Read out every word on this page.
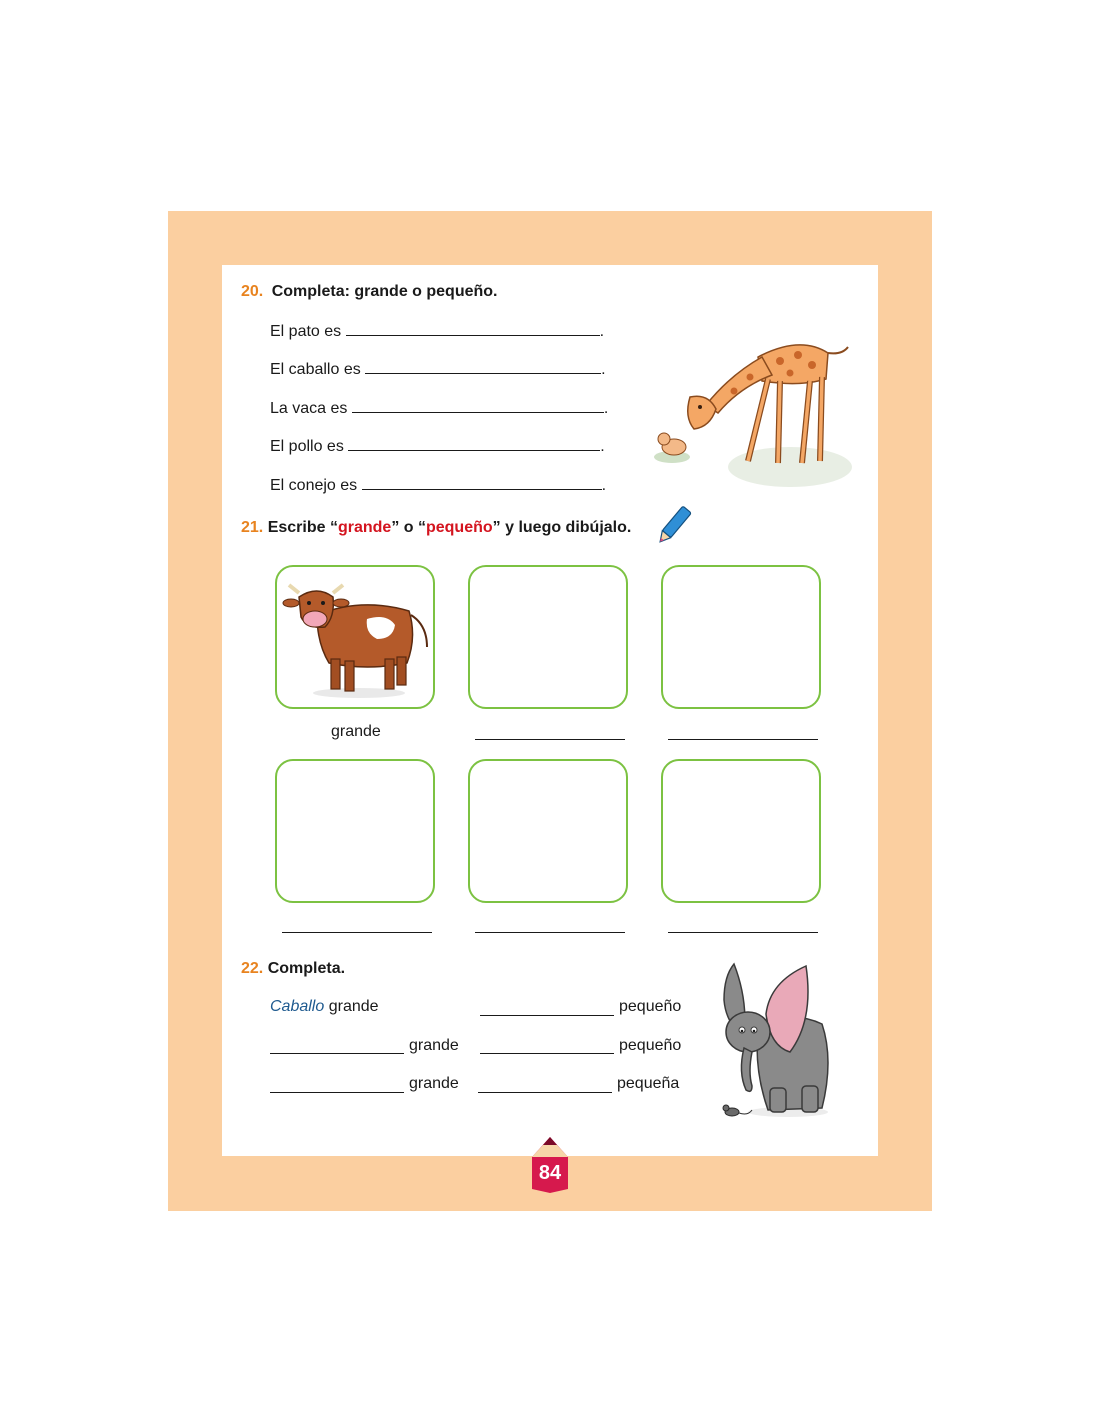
20. Completa: grande o pequeño.
El pato es	.
El caballo es	.
La vaca es	.
El pollo es	.
El conejo es	.
21. Escribe “grande” o “pequeño” y luego dibújalo.
grande
22. Completa.
Caballo grande	pequeño
grande	pequeño
grande	pequeña
84
